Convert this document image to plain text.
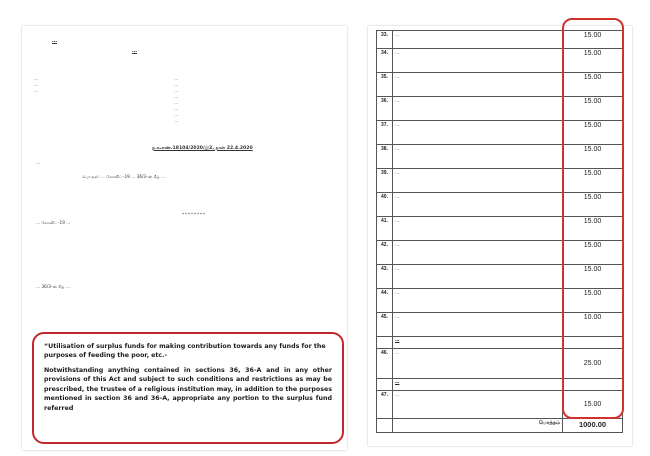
…
…
…
…
…
…
…
…
…
…
…
…
…
ந.க.எண்.18104/2020/இ2, நாள் 22.4.2020
…
பொருள்: … கோவிட்–19 … 36/3–ன் கீழ் …
********
… கோவிட்–19 …
… 36/3–ன் கீழ் …

“Utilisation of surplus funds for making contribution towards any funds for the purposes of feeding the poor, etc.-

Notwithstanding anything contained in sections 36, 36-A and in any other provisions of this Act and subject to such conditions and restrictions as may be prescribed, the trustee of a religious institution may, in addition to the purposes mentioned in section 36 and 36-A, appropriate any portion to the surplus fund referred

33.	…	15.00
34.	…	15.00
35.	…	15.00
36.	…	15.00
37.	…	15.00
38.	…	15.00
39.	…	15.00
40.	…	15.00
41.	…	15.00
42.	…	15.00
43.	…	15.00
44.	…	15.00
45.	…	10.00
	…	
46.	…	25.00
	…	
47.	…	15.00
	மொத்தம்	1000.00
